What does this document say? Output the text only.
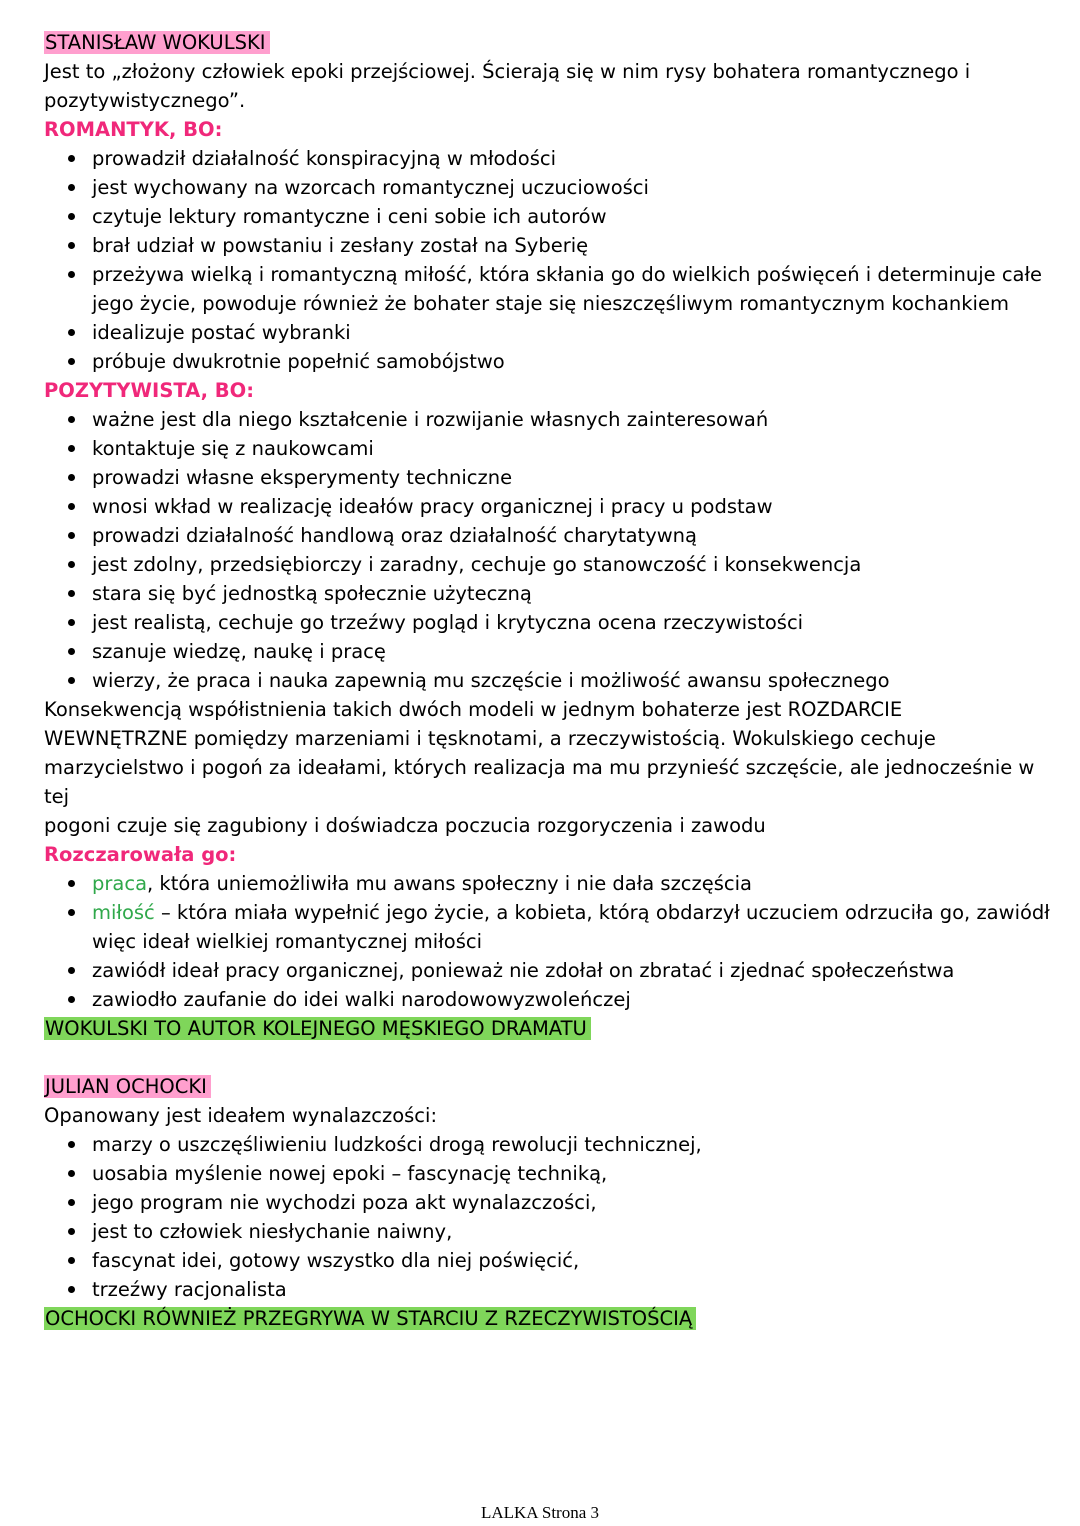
STANISŁAW WOKULSKI

Jest to „złożony człowiek epoki przejściowej. Ścierają się w nim rysy bohatera romantycznego i

pozytywistycznego”.

ROMANTYK, BO:

prowadził działalność konspiracyjną w młodości
jest wychowany na wzorcach romantycznej uczuciowości
czytuje lektury romantyczne i ceni sobie ich autorów
brał udział w powstaniu i zesłany został na Syberię
przeżywa wielką i romantyczną miłość, która skłania go do wielkich poświęceń i determinuje całe
jego życie, powoduje również że bohater staje się nieszczęśliwym romantycznym kochankiem
idealizuje postać wybranki
próbuje dwukrotnie popełnić samobójstwo

POZYTYWISTA, BO:

ważne jest dla niego kształcenie i rozwijanie własnych zainteresowań
kontaktuje się z naukowcami
prowadzi własne eksperymenty techniczne
wnosi wkład w realizację ideałów pracy organicznej i pracy u podstaw
prowadzi działalność handlową oraz działalność charytatywną
jest zdolny, przedsiębiorczy i zaradny, cechuje go stanowczość i konsekwencja
stara się być jednostką społecznie użyteczną
jest realistą, cechuje go trzeźwy pogląd i krytyczna ocena rzeczywistości
szanuje wiedzę, naukę i pracę
wierzy, że praca i nauka zapewnią mu szczęście i możliwość awansu społecznego

Konsekwencją współistnienia takich dwóch modeli w jednym bohaterze jest ROZDARCIE

WEWNĘTRZNE pomiędzy marzeniami i tęsknotami, a rzeczywistością. Wokulskiego cechuje

marzycielstwo i pogoń za ideałami, których realizacja ma mu przynieść szczęście, ale jednocześnie w tej

pogoni czuje się zagubiony i doświadcza poczucia rozgoryczenia i zawodu

Rozczarowała go:

praca, która uniemożliwiła mu awans społeczny i nie dała szczęścia
miłość – która miała wypełnić jego życie, a kobieta, którą obdarzył uczuciem odrzuciła go, zawiódł
więc ideał wielkiej romantycznej miłości
zawiódł ideał pracy organicznej, ponieważ nie zdołał on zbratać i zjednać społeczeństwa
zawiodło zaufanie do idei walki narodowowyzwoleńczej

WOKULSKI TO AUTOR KOLEJNEGO MĘSKIEGO DRAMATU

JULIAN OCHOCKI

Opanowany jest ideałem wynalazczości:

marzy o uszczęśliwieniu ludzkości drogą rewolucji technicznej,
uosabia myślenie nowej epoki – fascynację techniką,
jego program nie wychodzi poza akt wynalazczości,
jest to człowiek niesłychanie naiwny,
fascynat idei, gotowy wszystko dla niej poświęcić,
trzeźwy racjonalista

OCHOCKI RÓWNIEŻ PRZEGRYWA W STARCIU Z RZECZYWISTOŚCIĄ

LALKA Strona 3
